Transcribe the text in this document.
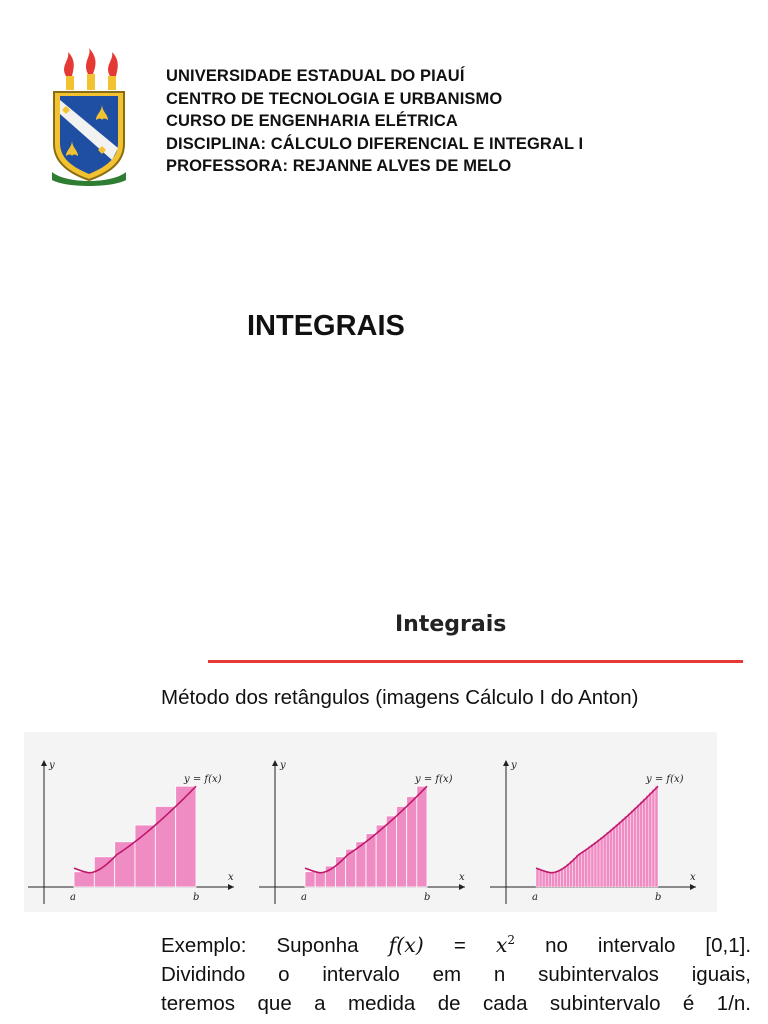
UNIVERSIDADE ESTADUAL DO PIAUÍ
CENTRO DE TECNOLOGIA E URBANISMO
CURSO DE ENGENHARIA ELÉTRICA
DISCIPLINA: CÁLCULO DIFERENCIAL E INTEGRAL I
PROFESSORA: REJANNE ALVES DE MELO
INTEGRAIS
Integrais

Método dos retângulos (imagens Cálculo I do Anton)

y
x
y = f(x)
a	b
y
x
y = f(x)
a	b
y
x
y = f(x)
a	b
Exemplo: Suponha $f(x) = x^2$ no intervalo [0,1].
Dividindo o intervalo em n subintervalos iguais,
teremos que a medida de cada subintervalo é 1/n.
